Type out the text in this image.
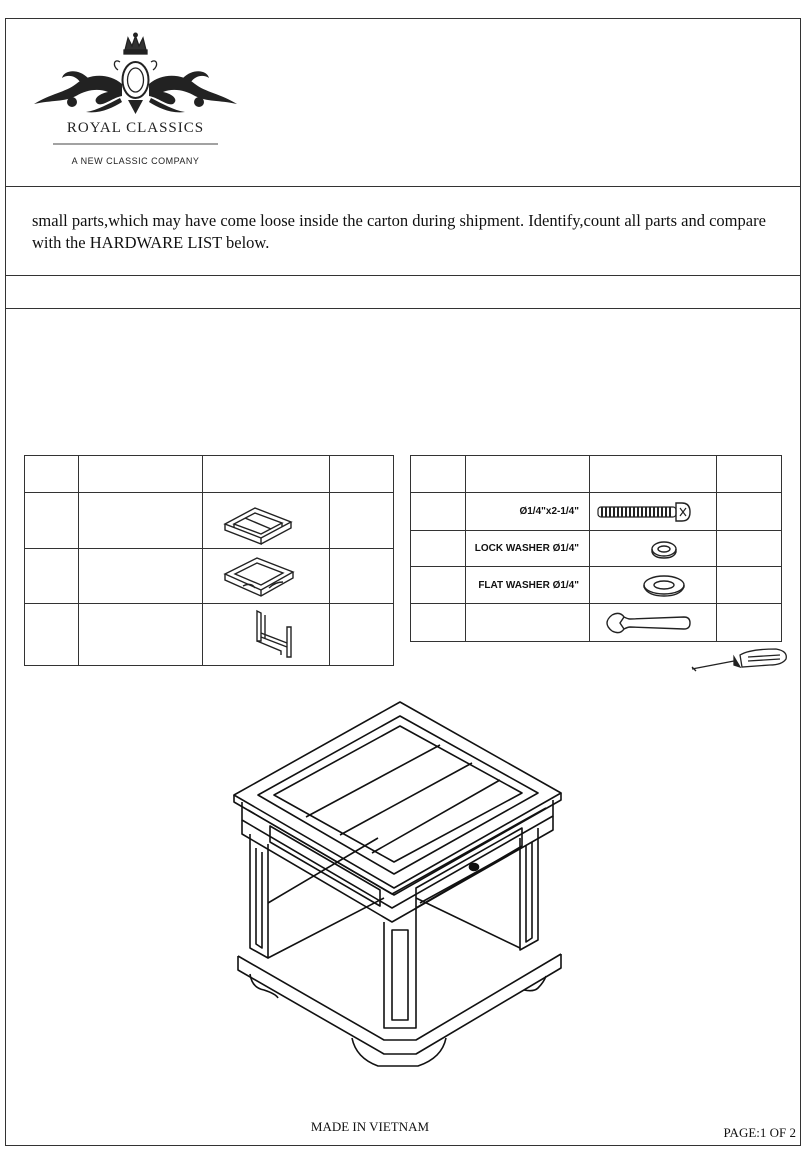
ROYAL CLASSICS
A NEW CLASSIC COMPANY
small parts,which may have come loose inside the carton during shipment. Identify,count all parts and compare with the HARDWARE LIST below.

	Ø1/4"x2-1/4"	

	LOCK WASHER Ø1/4"	

	FLAT WASHER Ø1/4"	

MADE IN VIETNAM	PAGE:1 OF 2
